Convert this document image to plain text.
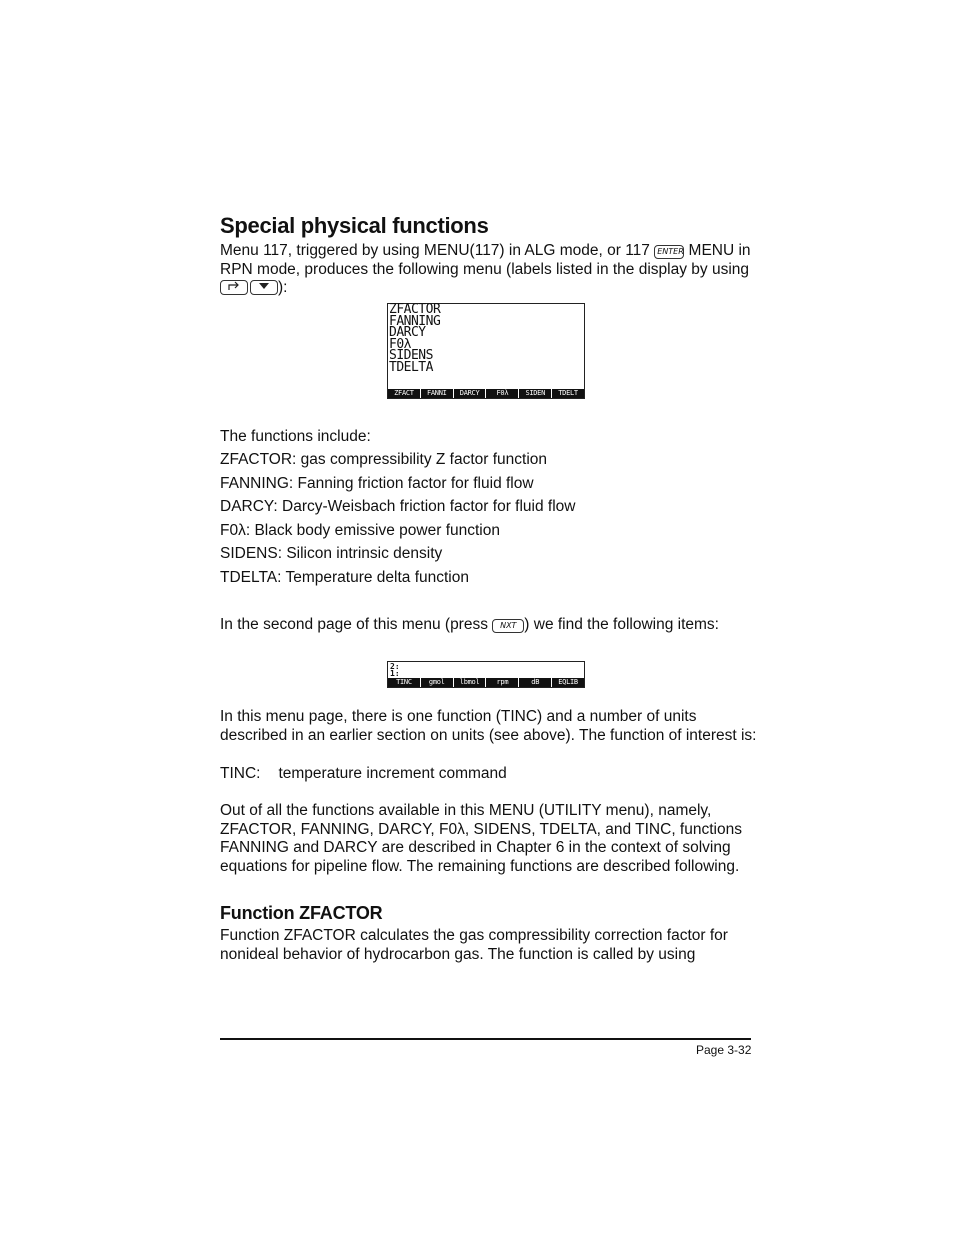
Special physical functions
Menu 117, triggered by using MENU(117) in ALG mode, or 117 ENTER MENU in RPN mode, produces the following menu (labels listed in the display by using
):
ZFACTOR
FANNING
DARCY
F0λ
SIDENS
TDELTA
ZFACT	FANNI	DARCY	F0λ	SIDEN	TDELT
The functions include:
ZFACTOR: gas compressibility Z factor function
FANNING: Fanning friction factor for fluid flow
DARCY: Darcy-Weisbach friction factor for fluid flow
F0λ: Black body emissive power function
SIDENS: Silicon intrinsic density
TDELTA: Temperature delta function
In the second page of this menu (press NXT ) we find the following items:
2:
1:
TINC	gmol	lbmol	rpm	dB	EQLIB
In this menu page, there is one function (TINC) and a number of units described in an earlier section on units (see above). The function of interest is:
TINC: temperature increment command
Out of all the functions available in this MENU (UTILITY menu), namely, ZFACTOR, FANNING, DARCY, F0λ, SIDENS, TDELTA, and TINC, functions FANNING and DARCY are described in Chapter 6 in the context of solving equations for pipeline flow. The remaining functions are described following.
Function ZFACTOR
Function ZFACTOR calculates the gas compressibility correction factor for nonideal behavior of hydrocarbon gas. The function is called by using
Page 3-32
